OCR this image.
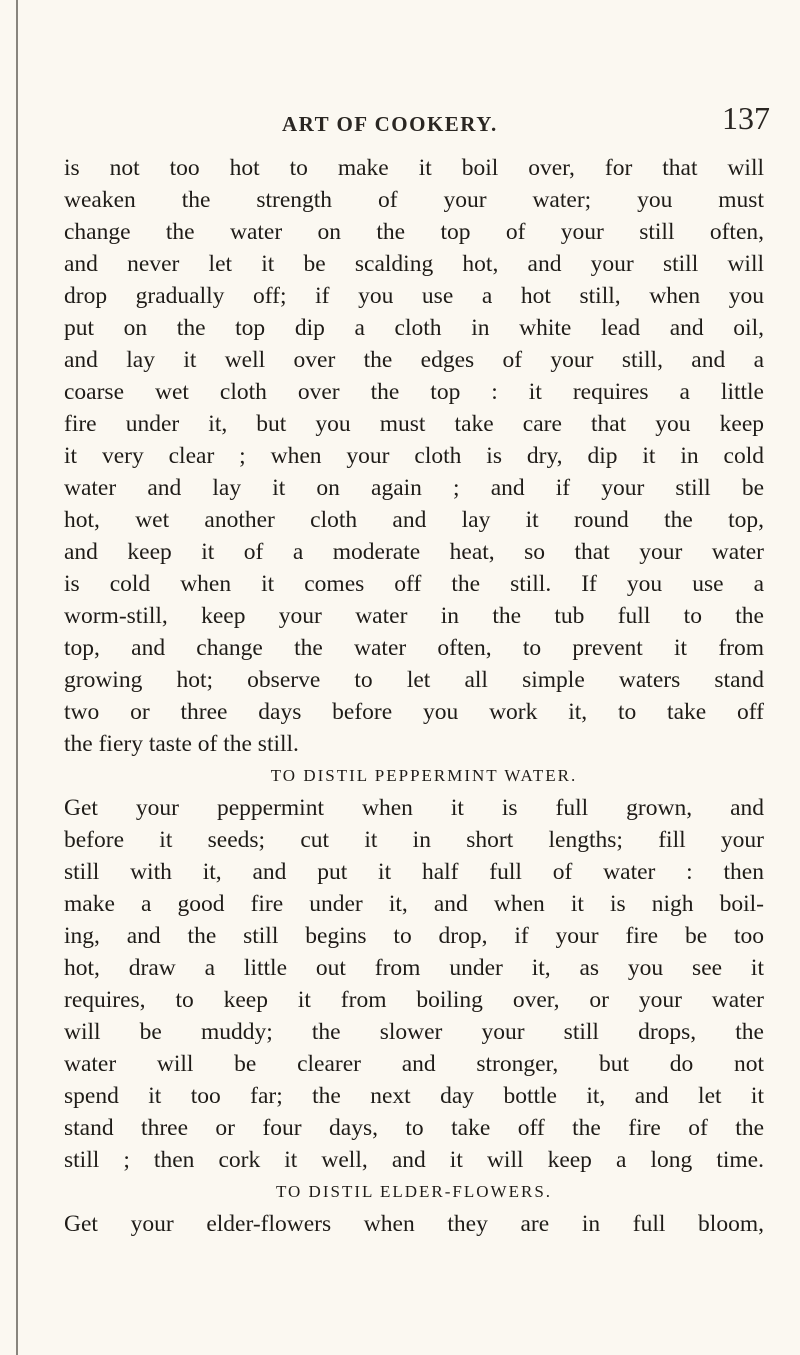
ART OF COOKERY.	137
is not too hot to make it boil over, for that will
weaken the strength of your water; you must
change the water on the top of your still often,
and never let it be scalding hot, and your still will
drop gradually off; if you use a hot still, when you
put on the top dip a cloth in white lead and oil,
and lay it well over the edges of your still, and a
coarse wet cloth over the top : it requires a little
fire under it, but you must take care that you keep
it very clear ; when your cloth is dry, dip it in cold
water and lay it on again ; and if your still be
hot, wet another cloth and lay it round the top,
and keep it of a moderate heat, so that your water
is cold when it comes off the still. If you use a
worm-still, keep your water in the tub full to the
top, and change the water often, to prevent it from
growing hot; observe to let all simple waters stand
two or three days before you work it, to take off
the fiery taste of the still.
TO DISTIL PEPPERMINT WATER.
Get your peppermint when it is full grown, and
before it seeds; cut it in short lengths; fill your
still with it, and put it half full of water : then
make a good fire under it, and when it is nigh boil-
ing, and the still begins to drop, if your fire be too
hot, draw a little out from under it, as you see it
requires, to keep it from boiling over, or your water
will be muddy; the slower your still drops, the
water will be clearer and stronger, but do not
spend it too far; the next day bottle it, and let it
stand three or four days, to take off the fire of the
still ; then cork it well, and it will keep a long time.
TO DISTIL ELDER-FLOWERS.
Get your elder-flowers when they are in full bloom,
